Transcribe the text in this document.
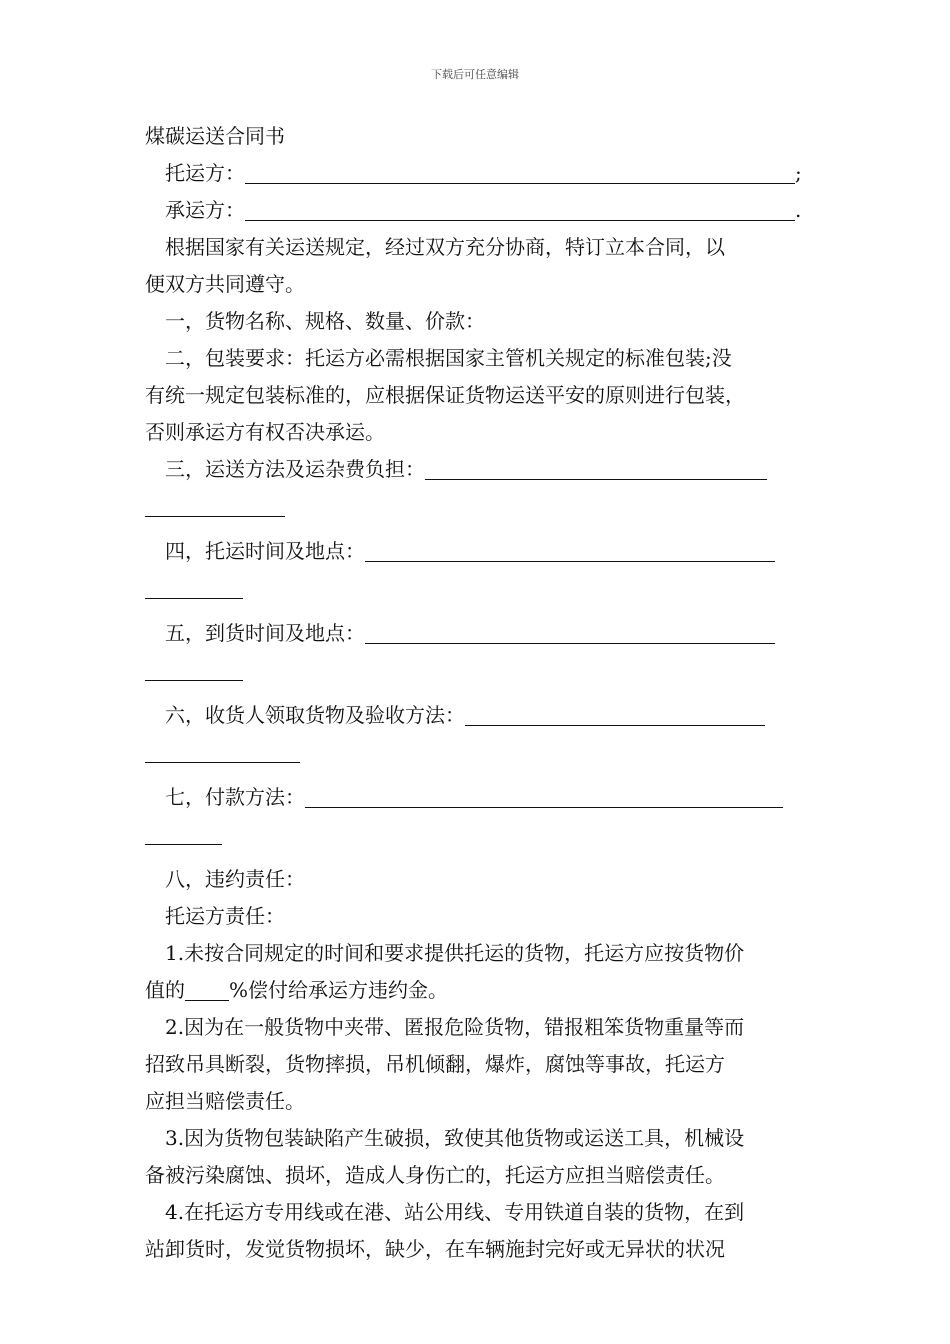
下载后可任意编辑

煤碳运送合同书

托运方：	;

承运方：	.

根据国家有关运送规定，经过双方充分协商，特订立本合同，以

便双方共同遵守。

一，货物名称、规格、数量、价款：

二，包装要求：托运方必需根据国家主管机关规定的标准包装;没

有统一规定包装标准的，应根据保证货物运送平安的原则进行包装，

否则承运方有权否决承运。

三，运送方法及运杂费负担：

四，托运时间及地点：

五，到货时间及地点：

六，收货人领取货物及验收方法：

七，付款方法：

八，违约责任：

托运方责任：

1.未按合同规定的时间和要求提供托运的货物，托运方应按货物价

值的 %偿付给承运方违约金。

2.因为在一般货物中夹带、匿报危险货物，错报粗笨货物重量等而

招致吊具断裂，货物摔损，吊机倾翻，爆炸，腐蚀等事故，托运方

应担当赔偿责任。

3.因为货物包装缺陷产生破损，致使其他货物或运送工具，机械设

备被污染腐蚀、损坏，造成人身伤亡的，托运方应担当赔偿责任。

4.在托运方专用线或在港、站公用线、专用铁道自装的货物，在到

站卸货时，发觉货物损坏，缺少，在车辆施封完好或无异状的状况
